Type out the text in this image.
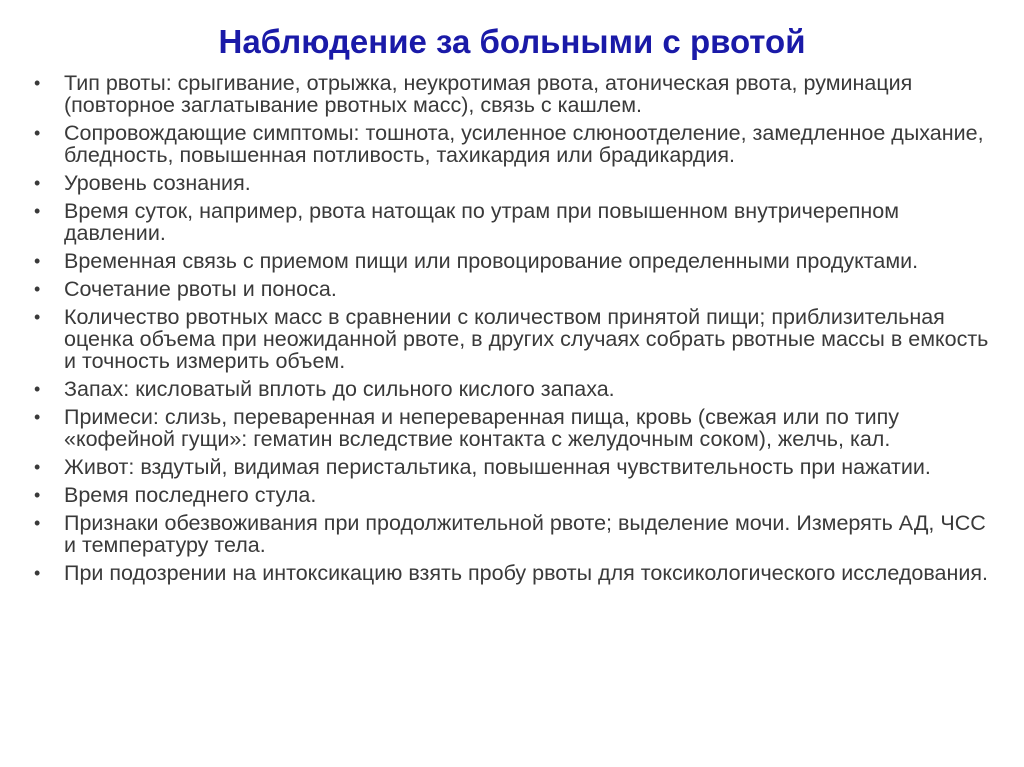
Наблюдение за больными с рвотой
•	Тип рвоты: срыгивание, отрыжка, неукротимая рвота, атоническая рвота, руминация (повторное заглатывание рвотных масс), связь с кашлем.
•	Сопровождающие симптомы: тошнота, усиленное слюноотделение, замедленное дыхание, бледность, повышенная потливость, тахикардия или брадикардия.
•	Уровень сознания.
•	Время суток, например, рвота натощак по утрам при повышенном внутричерепном давлении.
•	Временная связь с приемом пищи или провоцирование определенными продуктами.
•	Сочетание рвоты и поноса.
•	Количество рвотных масс в сравнении с количеством принятой пищи; приблизительная оценка объема при неожиданной рвоте, в других случаях собрать рвотные массы в емкость и точность измерить объем.
•	Запах: кисловатый вплоть до сильного кислого запаха.
•	Примеси: слизь, переваренная и непереваренная пища, кровь (свежая или по типу «кофейной гущи»: гематин вследствие контакта с желудочным соком), желчь, кал.
•	Живот: вздутый, видимая перистальтика, повышенная чувствительность при нажатии.
•	Время последнего стула.
•	Признаки обезвоживания при продолжительной рвоте; выделение мочи. Измерять АД, ЧСС и температуру тела.
•	При подозрении на интоксикацию взять пробу рвоты для токсикологического исследования.
